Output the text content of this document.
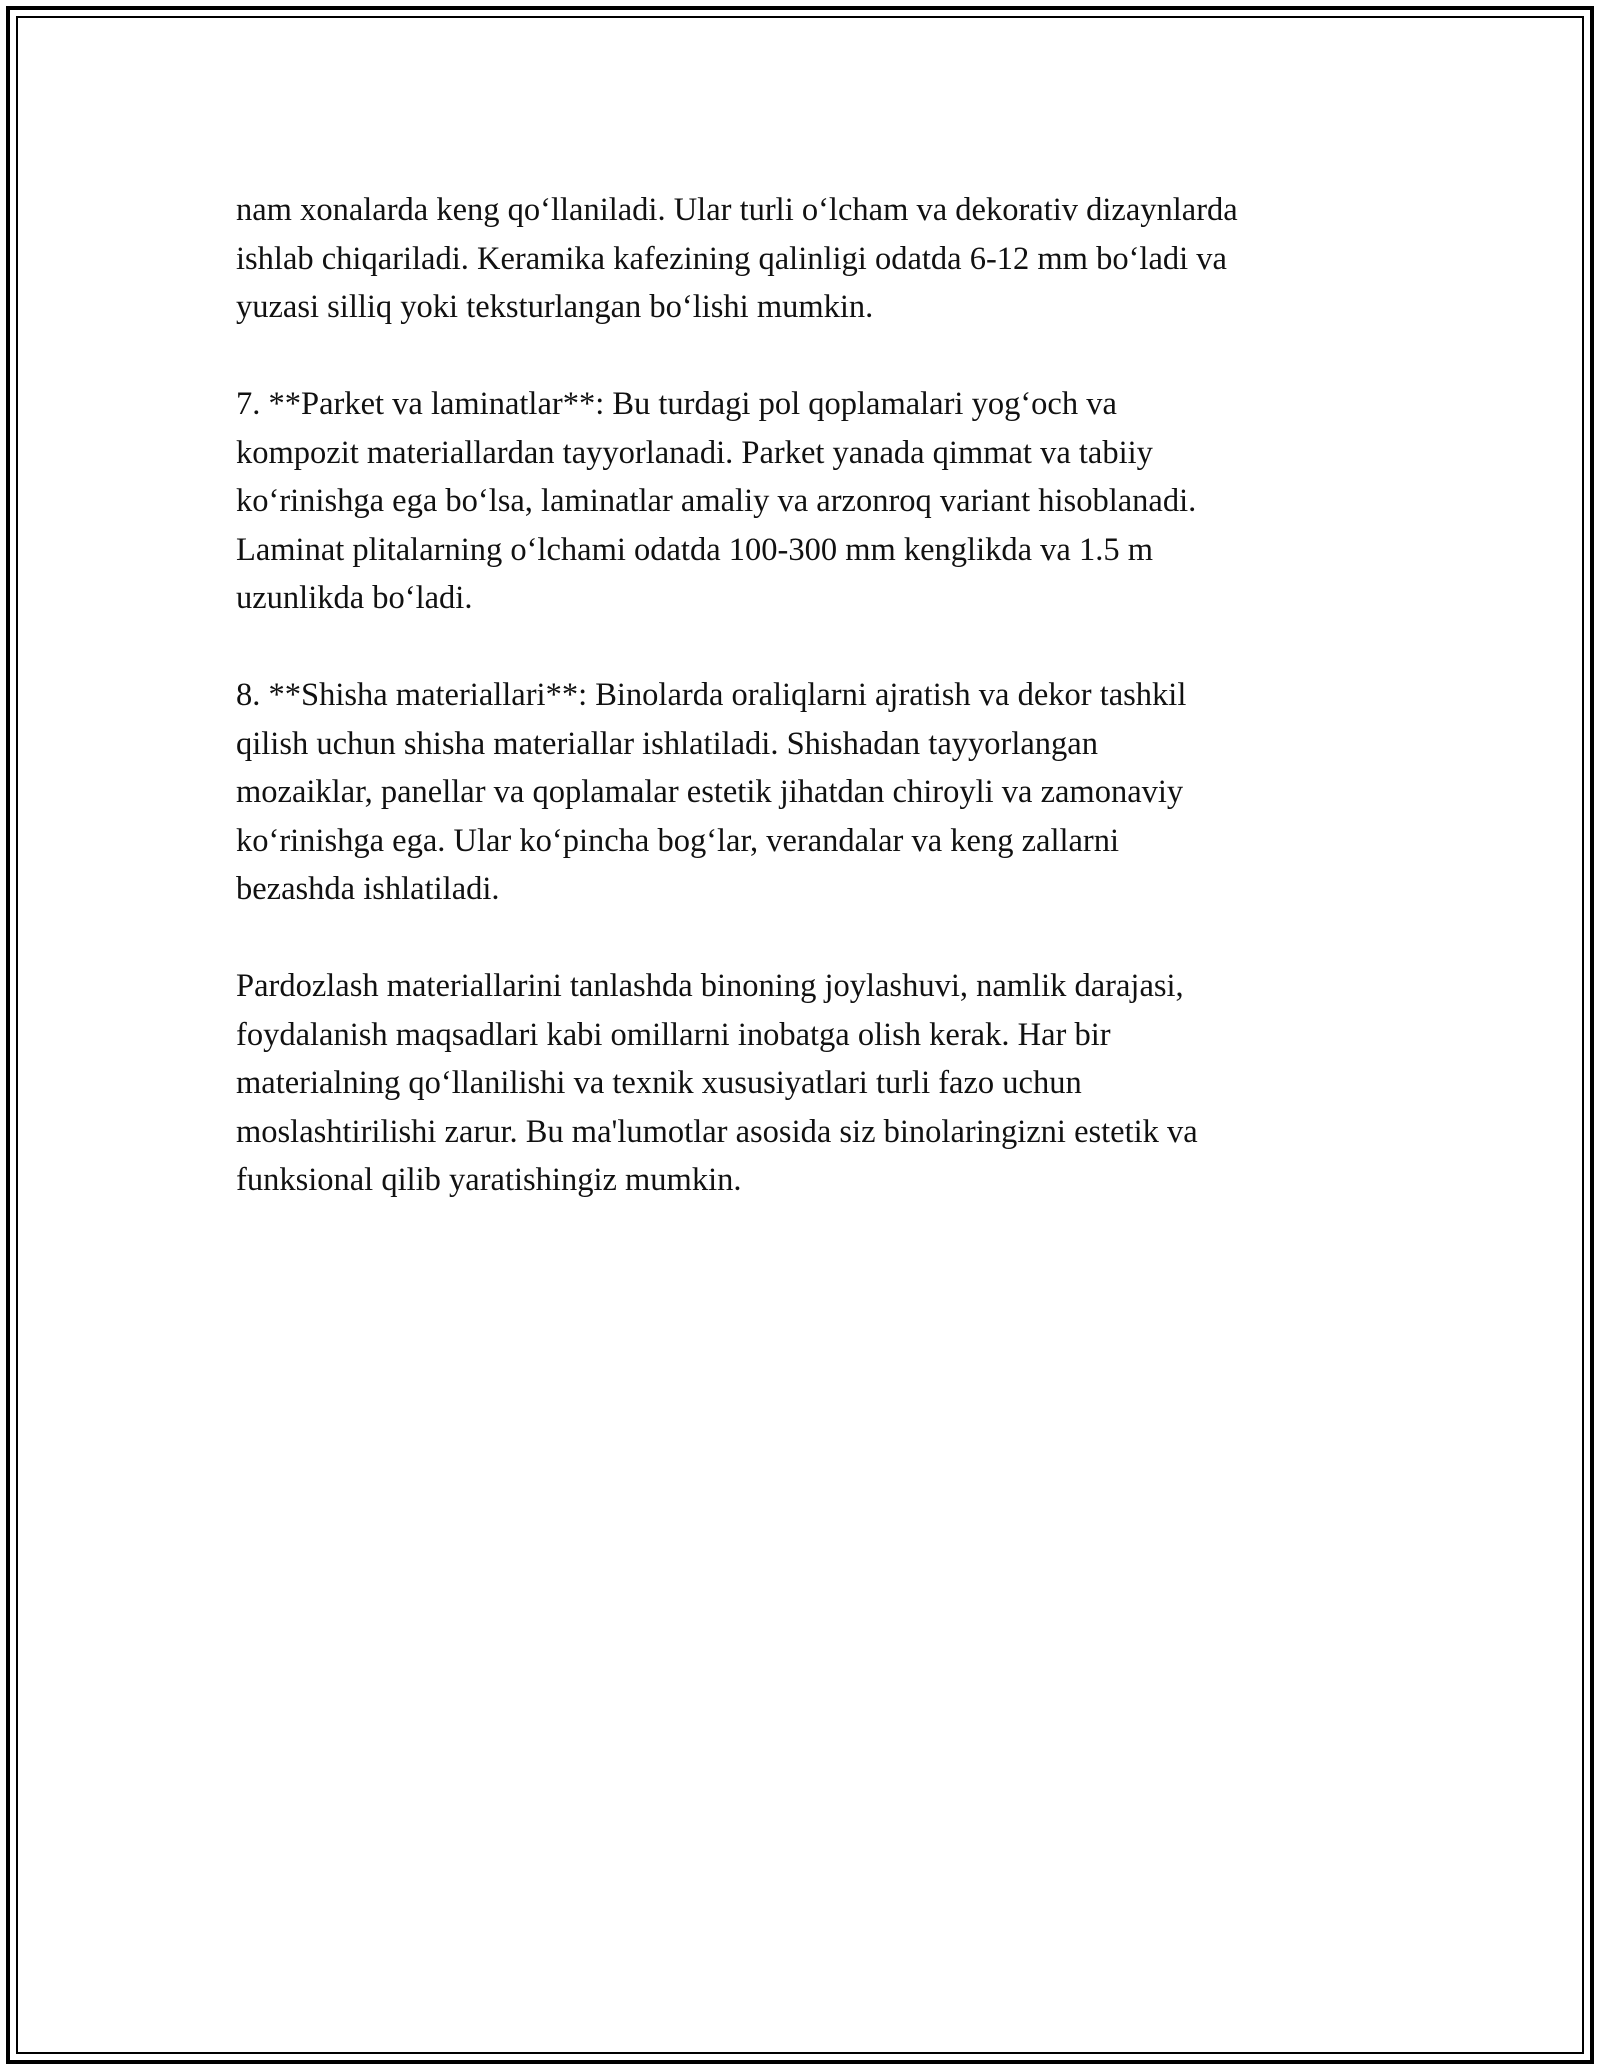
nam xonalarda keng qo‘llaniladi. Ular turli o‘lcham va dekorativ dizaynlarda
ishlab chiqariladi. Keramika kafezining qalinligi odatda 6-12 mm bo‘ladi va
yuzasi silliq yoki teksturlangan bo‘lishi mumkin.

7. **Parket va laminatlar**: Bu turdagi pol qoplamalari yog‘och va
kompozit materiallardan tayyorlanadi. Parket yanada qimmat va tabiiy
ko‘rinishga ega bo‘lsa, laminatlar amaliy va arzonroq variant hisoblanadi.
Laminat plitalarning o‘lchami odatda 100-300 mm kenglikda va 1.5 m
uzunlikda bo‘ladi.

8. **Shisha materiallari**: Binolarda oraliqlarni ajratish va dekor tashkil
qilish uchun shisha materiallar ishlatiladi. Shishadan tayyorlangan
mozaiklar, panellar va qoplamalar estetik jihatdan chiroyli va zamonaviy
ko‘rinishga ega. Ular ko‘pincha bog‘lar, verandalar va keng zallarni
bezashda ishlatiladi.

Pardozlash materiallarini tanlashda binoning joylashuvi, namlik darajasi,
foydalanish maqsadlari kabi omillarni inobatga olish kerak. Har bir
materialning qo‘llanilishi va texnik xususiyatlari turli fazo uchun
moslashtirilishi zarur. Bu ma'lumotlar asosida siz binolaringizni estetik va
funksional qilib yaratishingiz mumkin.
